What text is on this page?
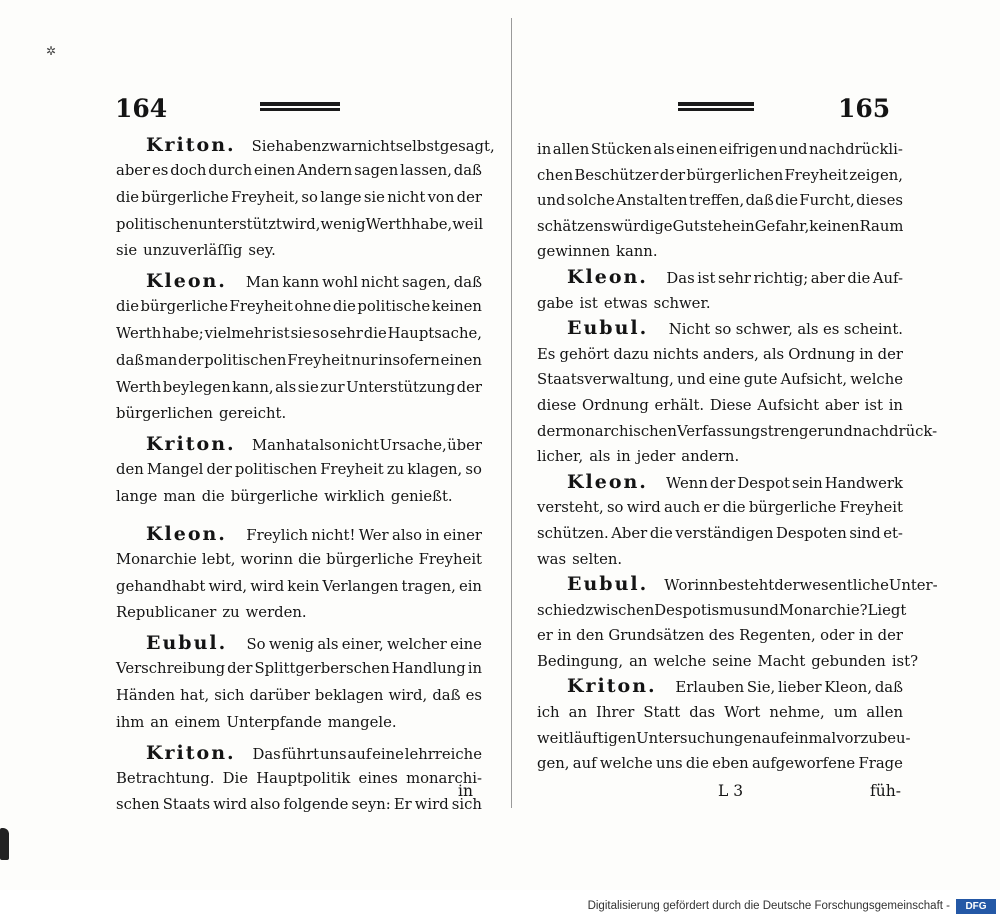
✲
164	165
Kriton. Sie haben zwar nicht selbst gesagt,
aber es doch durch einen Andern sagen lassen, daß
die bürgerliche Freyheit, so lange sie nicht von der
politischen unterstützt wird, wenig Werth habe, weil
sie unzuverläſſig sey.
Kleon. Man kann wohl nicht sagen, daß
die bürgerliche Freyheit ohne die politische keinen
Werth habe; vielmehr ist sie so sehr die Hauptsache,
daß man der politischen Freyheit nur insofern einen
Werth beylegen kann, als sie zur Unterstützung der
bürgerlichen gereicht.
Kriton. Man hat also nicht Ursache, über
den Mangel der politischen Freyheit zu klagen, so
lange man die bürgerliche wirklich genießt.
Kleon. Freylich nicht! Wer also in einer
Monarchie lebt, worinn die bürgerliche Freyheit
gehandhabt wird, wird kein Verlangen tragen, ein
Republicaner zu werden.
Eubul. So wenig als einer, welcher eine
Verschreibung der Splittgerberschen Handlung in
Händen hat, sich darüber beklagen wird, daß es
ihm an einem Unterpfande mangele.
Kriton. Das führt uns auf eine lehrreiche
Betrachtung. Die Hauptpolitik eines monarchi-
schen Staats wird also folgende seyn: Er wird sich
in allen Stücken als einen eifrigen und nachdrückli-
chen Beschützer der bürgerlichen Freyheit zeigen,
und solche Anstalten treffen, daß die Furcht, dieses
schätzenswürdige Gut stehe in Gefahr, keinen Raum
gewinnen kann.
Kleon. Das ist sehr richtig; aber die Auf-
gabe ist etwas schwer.
Eubul. Nicht so schwer, als es scheint.
Es gehört dazu nichts anders, als Ordnung in der
Staatsverwaltung, und eine gute Aufsicht, welche
diese Ordnung erhält. Diese Aufsicht aber ist in
der monarchischen Verfassung strenger und nachdrück-
licher, als in jeder andern.
Kleon. Wenn der Despot sein Handwerk
versteht, so wird auch er die bürgerliche Freyheit
schützen. Aber die verständigen Despoten sind et-
was selten.
Eubul. Worinn besteht der wesentliche Unter-
schied zwischen Despotismus und Monarchie? Liegt
er in den Grundsätzen des Regenten, oder in der
Bedingung, an welche seine Macht gebunden ist?
Kriton. Erlauben Sie, lieber Kleon, daß
ich an Ihrer Statt das Wort nehme, um allen
weitläuftigen Untersuchungen auf einmal vorzubeu-
gen, auf welche uns die eben aufgeworfene Frage
in	L 3	füh-
Digitalisierung gefördert durch die Deutsche Forschungsgemeinschaft -	DFG
